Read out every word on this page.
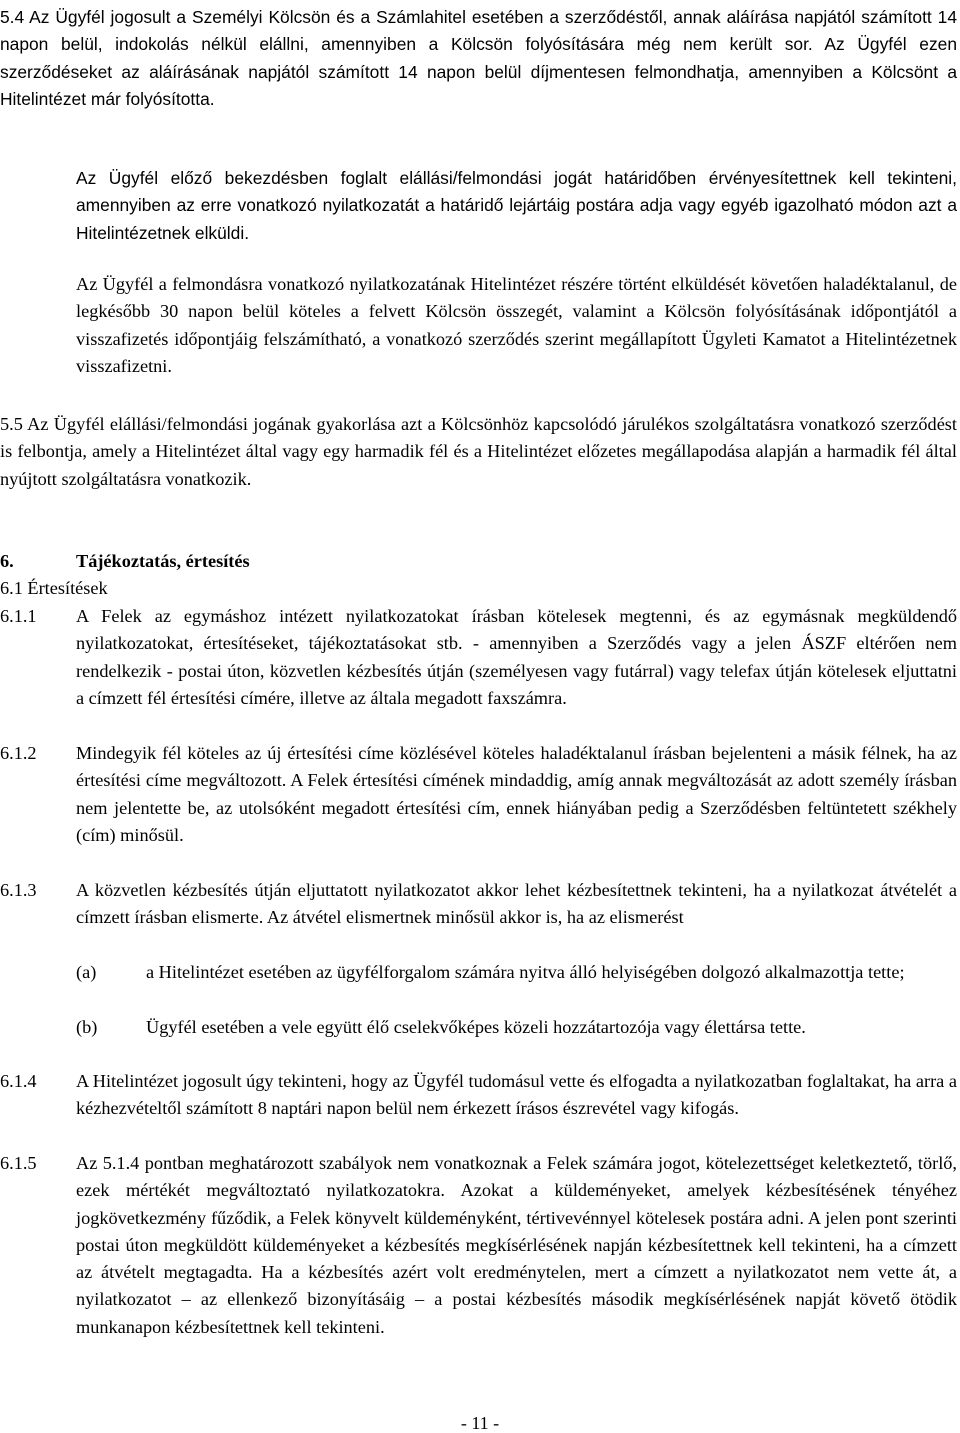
5.4 Az Ügyfél jogosult a Személyi Kölcsön és a Számlahitel esetében a szerződéstől, annak aláírása napjától számított 14 napon belül, indokolás nélkül elállni, amennyiben a Kölcsön folyósítására még nem került sor. Az Ügyfél ezen szerződéseket az aláírásának napjától számított 14 napon belül díjmentesen felmondhatja, amennyiben a Kölcsönt a Hitelintézet már folyósította.

Az Ügyfél előző bekezdésben foglalt elállási/felmondási jogát határidőben érvényesítettnek kell tekinteni, amennyiben az erre vonatkozó nyilatkozatát a határidő lejártáig postára adja vagy egyéb igazolható módon azt a Hitelintézetnek elküldi.

Az Ügyfél a felmondásra vonatkozó nyilatkozatának Hitelintézet részére történt elküldését követően haladéktalanul, de legkésőbb 30 napon belül köteles a felvett Kölcsön összegét, valamint a Kölcsön folyósításának időpontjától a visszafizetés időpontjáig felszámítható, a vonatkozó szerződés szerint megállapított Ügyleti Kamatot a Hitelintézetnek visszafizetni.

5.5 Az Ügyfél elállási/felmondási jogának gyakorlása azt a Kölcsönhöz kapcsolódó járulékos szolgáltatásra vonatkozó szerződést is felbontja, amely a Hitelintézet által vagy egy harmadik fél és a Hitelintézet előzetes megállapodása alapján a harmadik fél által nyújtott szolgáltatásra vonatkozik.

6.	Tájékoztatás, értesítés
6.1 Értesítések
6.1.1 A Felek az egymáshoz intézett nyilatkozatokat írásban kötelesek megtenni, és az egymásnak megküldendő nyilatkozatokat, értesítéseket, tájékoztatásokat stb. - amennyiben a Szerződés vagy a jelen ÁSZF eltérően nem rendelkezik - postai úton, közvetlen kézbesítés útján (személyesen vagy futárral) vagy telefax útján kötelesek eljuttatni a címzett fél értesítési címére, illetve az általa megadott faxszámra.

6.1.2 Mindegyik fél köteles az új értesítési címe közlésével köteles haladéktalanul írásban bejelenteni a másik félnek, ha az értesítési címe megváltozott. A Felek értesítési címének mindaddig, amíg annak megváltozását az adott személy írásban nem jelentette be, az utolsóként megadott értesítési cím, ennek hiányában pedig a Szerződésben feltüntetett székhely (cím) minősül.

6.1.3 A közvetlen kézbesítés útján eljuttatott nyilatkozatot akkor lehet kézbesítettnek tekinteni, ha a nyilatkozat átvételét a címzett írásban elismerte. Az átvétel elismertnek minősül akkor is, ha az elismerést

(a)	a Hitelintézet esetében az ügyfélforgalom számára nyitva álló helyiségében dolgozó alkalmazottja tette;

(b)	Ügyfél esetében a vele együtt élő cselekvőképes közeli hozzátartozója vagy élettársa tette.

6.1.4 A Hitelintézet jogosult úgy tekinteni, hogy az Ügyfél tudomásul vette és elfogadta a nyilatkozatban foglaltakat, ha arra a kézhezvételtől számított 8 naptári napon belül nem érkezett írásos észrevétel vagy kifogás.

6.1.5 Az 5.1.4 pontban meghatározott szabályok nem vonatkoznak a Felek számára jogot, kötelezettséget keletkeztető, törlő, ezek mértékét megváltoztató nyilatkozatokra. Azokat a küldeményeket, amelyek kézbesítésének tényéhez jogkövetkezmény fűződik, a Felek könyvelt küldeményként, tértivevénnyel kötelesek postára adni. A jelen pont szerinti postai úton megküldött küldeményeket a kézbesítés megkísérlésének napján kézbesítettnek kell tekinteni, ha a címzett az átvételt megtagadta. Ha a kézbesítés azért volt eredménytelen, mert a címzett a nyilatkozatot nem vette át, a nyilatkozatot – az ellenkező bizonyításáig – a postai kézbesítés második megkísérlésének napját követő ötödik munkanapon kézbesítettnek kell tekinteni.

- 11 -
